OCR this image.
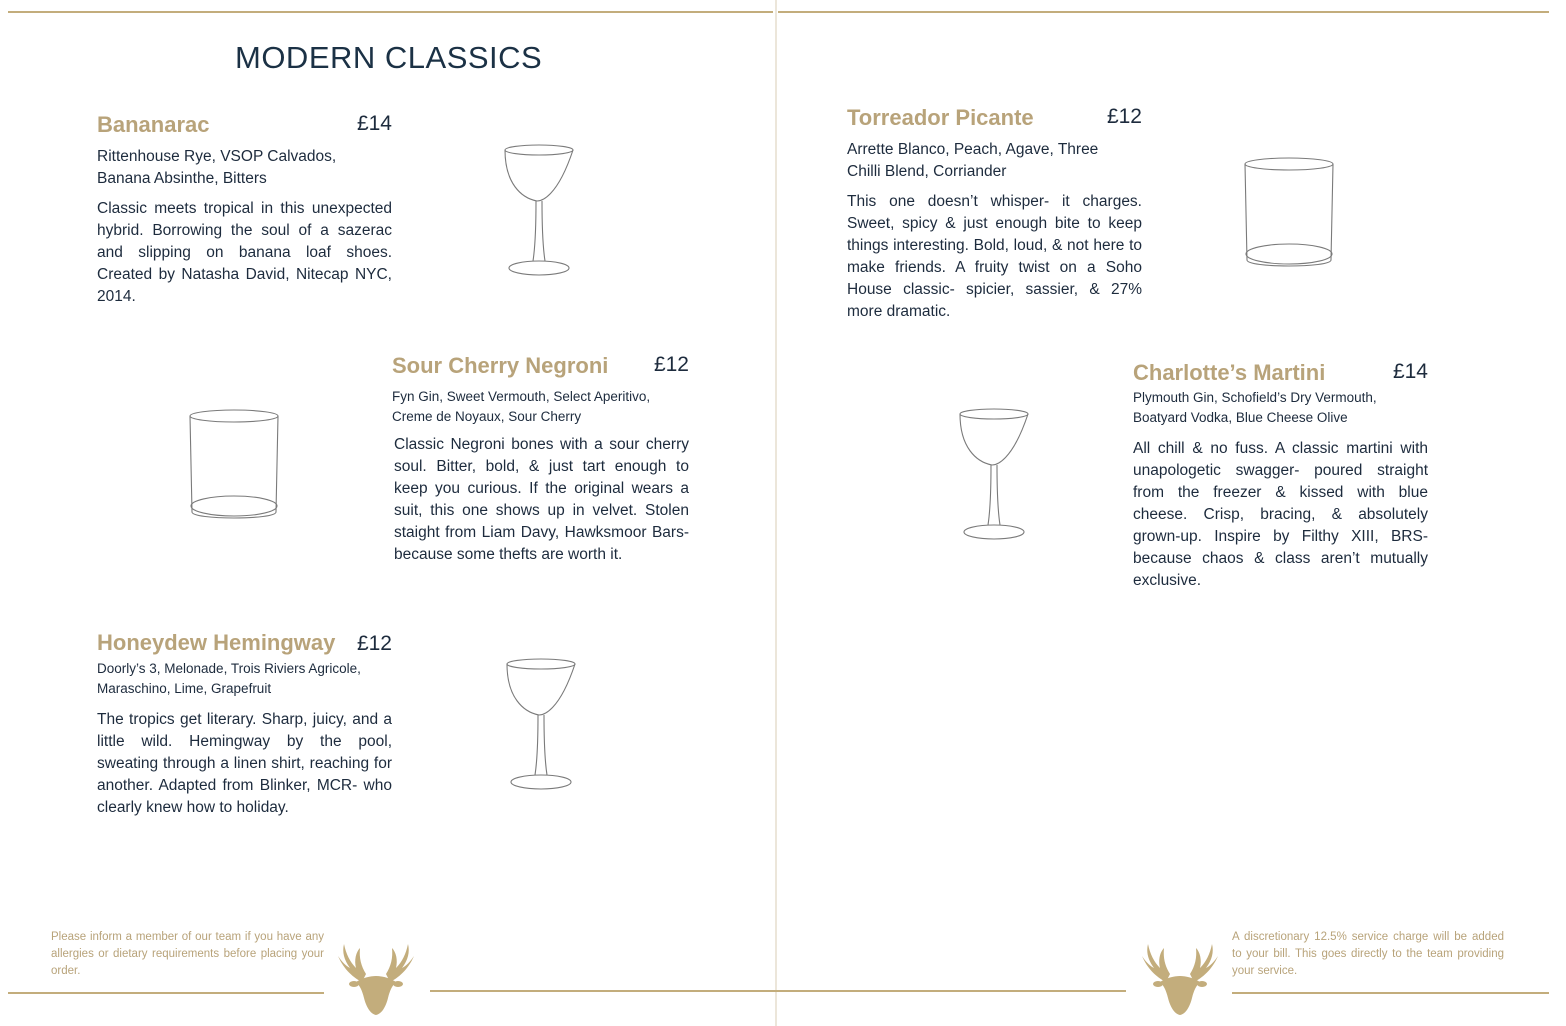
MODERN CLASSICS
Bananarac	£14

Rittenhouse Rye, VSOP Calvados, Banana Absinthe, Bitters

Classic meets tropical in this unexpected hybrid. Borrowing the soul of a sazerac and slipping on banana loaf shoes. Created by Natasha David, Nitecap NYC, 2014.

Sour Cherry Negroni £12

Fyn Gin, Sweet Vermouth, Select Aperitivo, Creme de Noyaux, Sour Cherry

Classic Negroni bones with a sour cherry soul. Bitter, bold, & just tart enough to keep you curious. If the original wears a suit, this one shows up in velvet. Stolen staight from Liam Davy, Hawksmoor Bars- because some thefts are worth it.

Honeydew Hemingway £12

Doorly’s 3, Melonade, Trois Riviers Agricole, Maraschino, Lime, Grapefruit

The tropics get literary. Sharp, juicy, and a little wild. Hemingway by the pool, sweating through a linen shirt, reaching for another. Adapted from Blinker, MCR- who clearly knew how to holiday.

Torreador Picante	£12

Arrette Blanco, Peach, Agave, Three Chilli Blend, Corriander

This one doesn’t whisper- it charges. Sweet, spicy & just enough bite to keep things interesting. Bold, loud, & not here to make friends. A fruity twist on a Soho House classic- spicier, sassier, & 27% more dramatic.

Charlotte’s Martini	£14

Plymouth Gin, Schofield’s Dry Vermouth, Boatyard Vodka, Blue Cheese Olive

All chill & no fuss. A classic martini with unapologetic swagger- poured straight from the freezer & kissed with blue cheese. Crisp, bracing, & absolutely grown-up. Inspire by Filthy XIII, BRS- because chaos & class aren’t mutually exclusive.

Please inform a member of our team if you have any allergies or dietary requirements before placing your order.

A discretionary 12.5% service charge will be added to your bill. This goes directly to the team providing your service.
